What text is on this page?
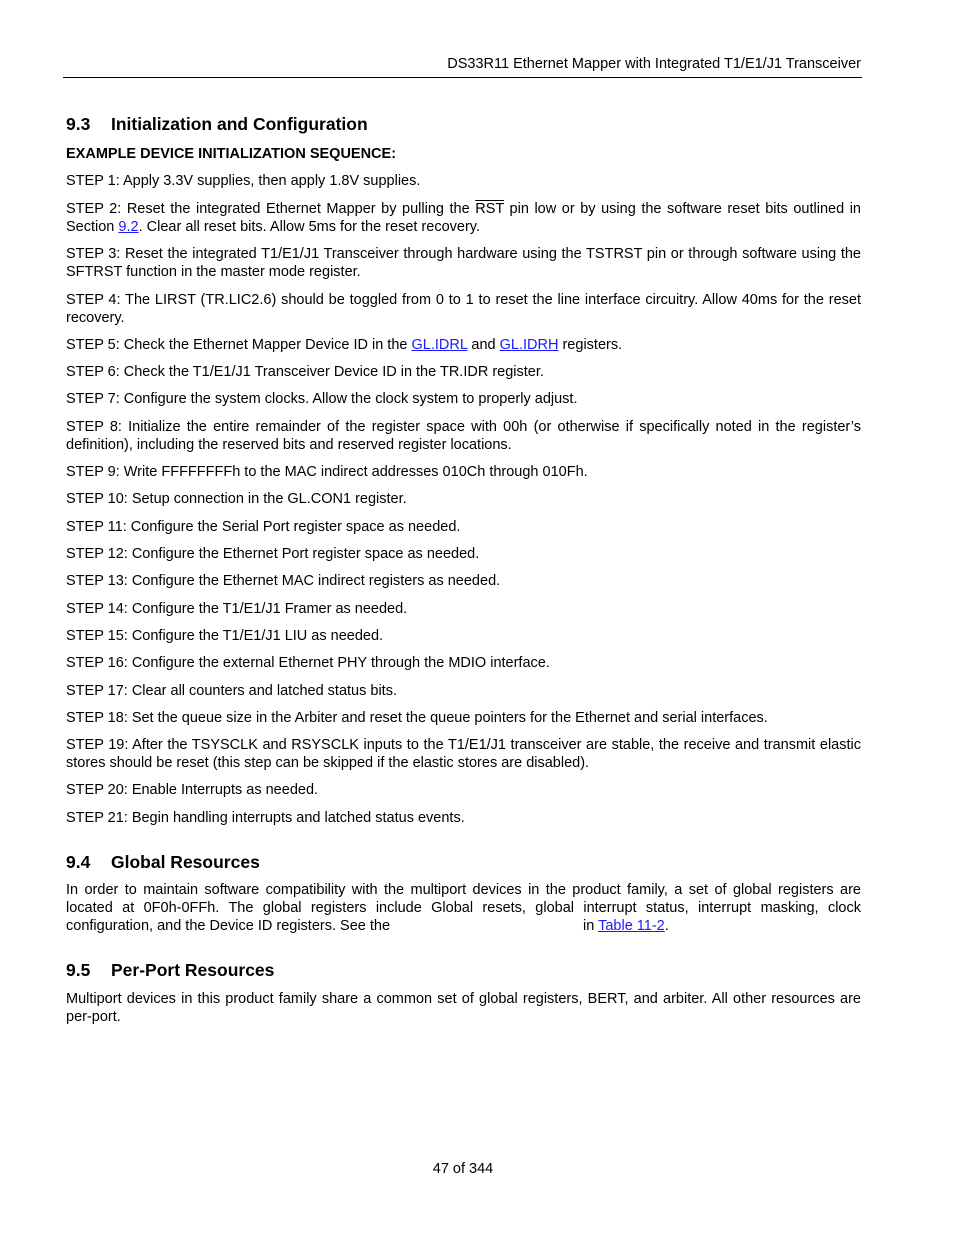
DS33R11 Ethernet Mapper with Integrated T1/E1/J1 Transceiver
9.3 Initialization and Configuration
EXAMPLE DEVICE INITIALIZATION SEQUENCE:
STEP 1: Apply 3.3V supplies, then apply 1.8V supplies.
STEP 2: Reset the integrated Ethernet Mapper by pulling the $\overline{RST}$ pin low or by using the software reset bits outlined in Section 9.2. Clear all reset bits. Allow 5ms for the reset recovery.
STEP 3: Reset the integrated T1/E1/J1 Transceiver through hardware using the TSTRST pin or through software using the SFTRST function in the master mode register.
STEP 4: The LIRST (TR.LIC2.6) should be toggled from 0 to 1 to reset the line interface circuitry. Allow 40ms for the reset recovery.
STEP 5: Check the Ethernet Mapper Device ID in the GL.IDRL and GL.IDRH registers.
STEP 6: Check the T1/E1/J1 Transceiver Device ID in the TR.IDR register.
STEP 7: Configure the system clocks. Allow the clock system to properly adjust.
STEP 8: Initialize the entire remainder of the register space with 00h (or otherwise if specifically noted in the register’s definition), including the reserved bits and reserved register locations.
STEP 9: Write FFFFFFFFh to the MAC indirect addresses 010Ch through 010Fh.
STEP 10: Setup connection in the GL.CON1 register.
STEP 11: Configure the Serial Port register space as needed.
STEP 12: Configure the Ethernet Port register space as needed.
STEP 13: Configure the Ethernet MAC indirect registers as needed.
STEP 14: Configure the T1/E1/J1 Framer as needed.
STEP 15: Configure the T1/E1/J1 LIU as needed.
STEP 16: Configure the external Ethernet PHY through the MDIO interface.
STEP 17: Clear all counters and latched status bits.
STEP 18: Set the queue size in the Arbiter and reset the queue pointers for the Ethernet and serial interfaces.
STEP 19: After the TSYSCLK and RSYSCLK inputs to the T1/E1/J1 transceiver are stable, the receive and transmit elastic stores should be reset (this step can be skipped if the elastic stores are disabled).
STEP 20: Enable Interrupts as needed.
STEP 21: Begin handling interrupts and latched status events.
9.4 Global Resources
In order to maintain software compatibility with the multiport devices in the product family, a set of global registers are located at 0F0h-0FFh. The global registers include Global resets, global interrupt status, interrupt masking, clock configuration, and the Device ID registers. See the	in Table 11-2.
9.5 Per-Port Resources
Multiport devices in this product family share a common set of global registers, BERT, and arbiter. All other resources are per-port.
47 of 344
